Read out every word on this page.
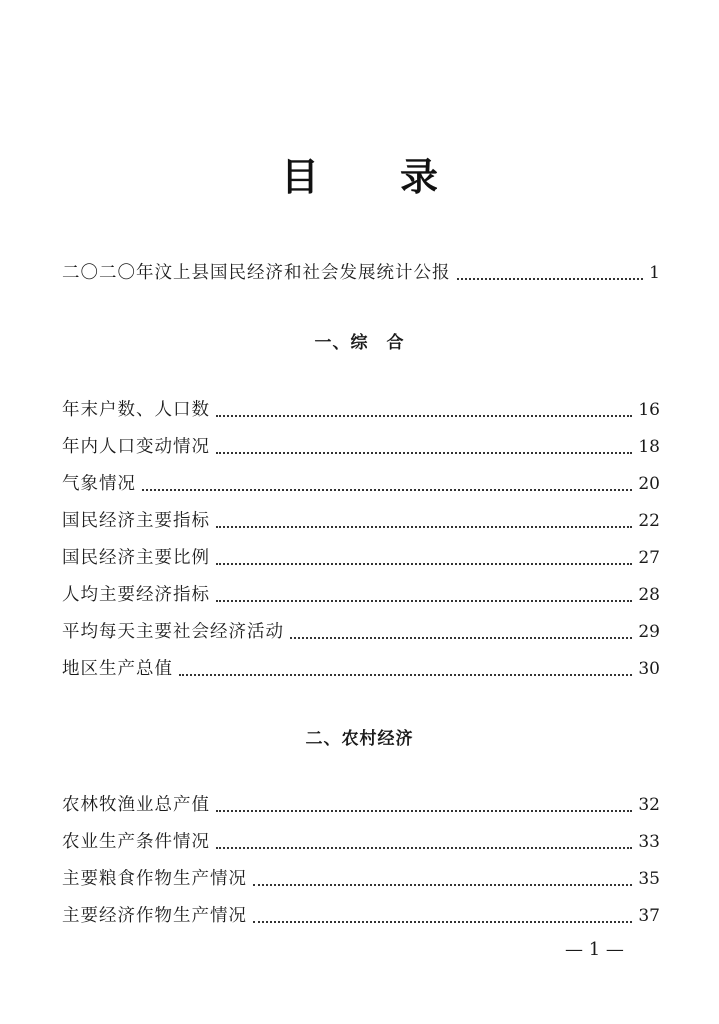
目 录
二〇二〇年汶上县国民经济和社会发展统计公报	1
一、综　合
年末户数、人口数	16
年内人口变动情况	18
气象情况	20
国民经济主要指标	22
国民经济主要比例	27
人均主要经济指标	28
平均每天主要社会经济活动	29
地区生产总值	30
二、农村经济
农林牧渔业总产值	32
农业生产条件情况	33
主要粮食作物生产情况	35
主要经济作物生产情况	37
— 1 —
